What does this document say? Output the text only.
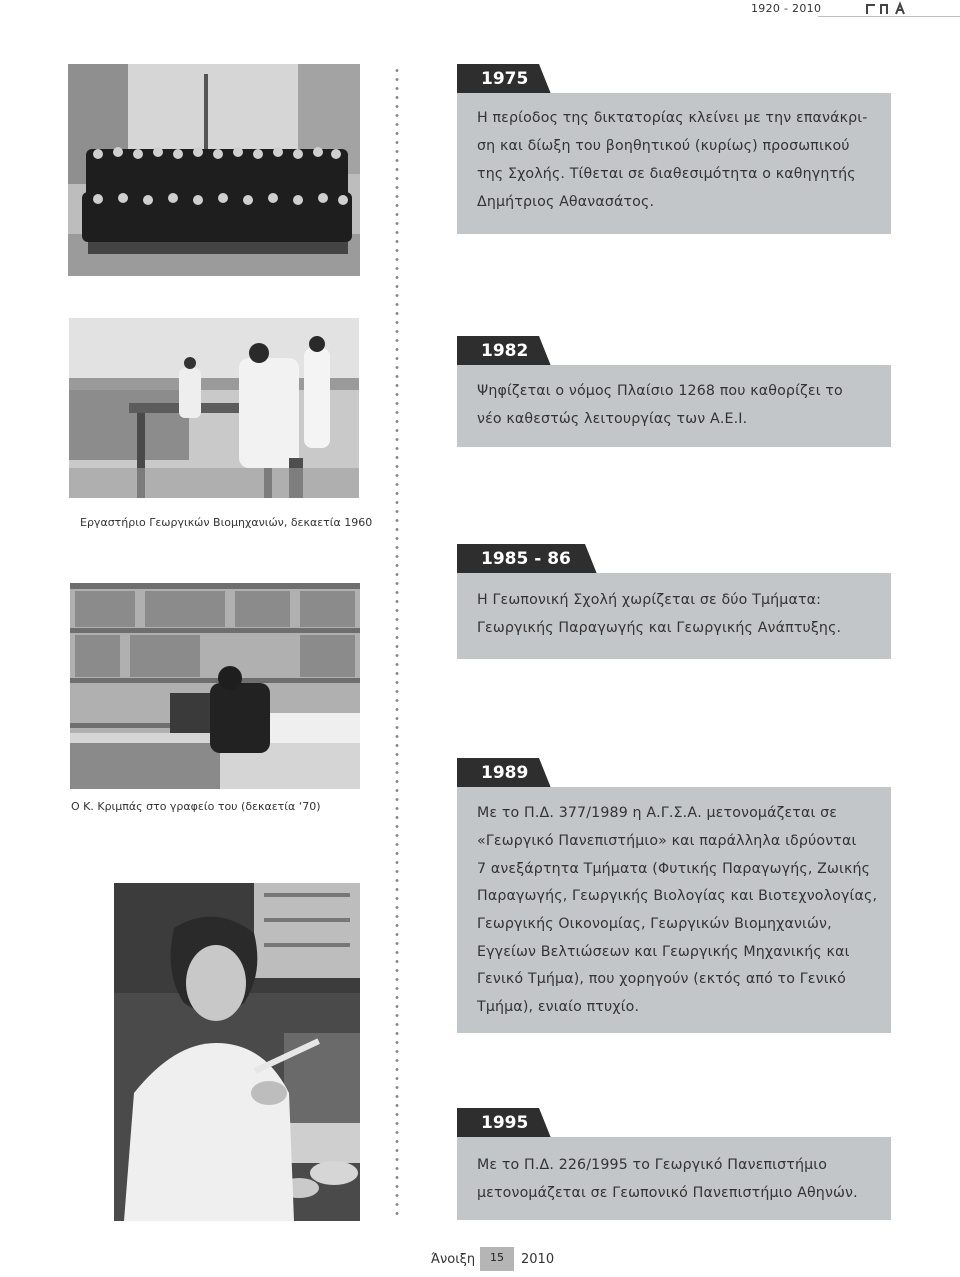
1920 - 2010
Εργαστήριο Γεωργικών Βιομηχανιών, δεκαετία 1960
Ο Κ. Κριμπάς στο γραφείο του (δεκαετία ‘70)
1975

Η περίοδος της δικτατορίας κλείνει με την επανάκρι-

ση και δίωξη του βοηθητικού (κυρίως) προσωπικού

της Σχολής. Τίθεται σε διαθεσιμότητα ο καθηγητής

Δημήτριος Αθανασάτος.

1982

Ψηφίζεται ο νόμος Πλαίσιο 1268 που καθορίζει το

νέο καθεστώς λειτουργίας των Α.Ε.Ι.

1985 - 86

Η Γεωπονική Σχολή χωρίζεται σε δύο Τμήματα:

Γεωργικής Παραγωγής και Γεωργικής Ανάπτυξης.

1989

Με το Π.Δ. 377/1989 η Α.Γ.Σ.Α. μετονομάζεται σε

«Γεωργικό Πανεπιστήμιο» και παράλληλα ιδρύονται

7 ανεξάρτητα Τμήματα (Φυτικής Παραγωγής, Ζωικής

Παραγωγής, Γεωργικής Βιολογίας και Βιοτεχνολογίας,

Γεωργικής Οικονομίας, Γεωργικών Βιομηχανιών,

Εγγείων Βελτιώσεων και Γεωργικής Μηχανικής και

Γενικό Τμήμα), που χορηγούν (εκτός από το Γενικό

Τμήμα), ενιαίο πτυχίο.

1995

Με το Π.Δ. 226/1995 το Γεωργικό Πανεπιστήμιο

μετονομάζεται σε Γεωπονικό Πανεπιστήμιο Αθηνών.

Άνοιξη	15	2010
